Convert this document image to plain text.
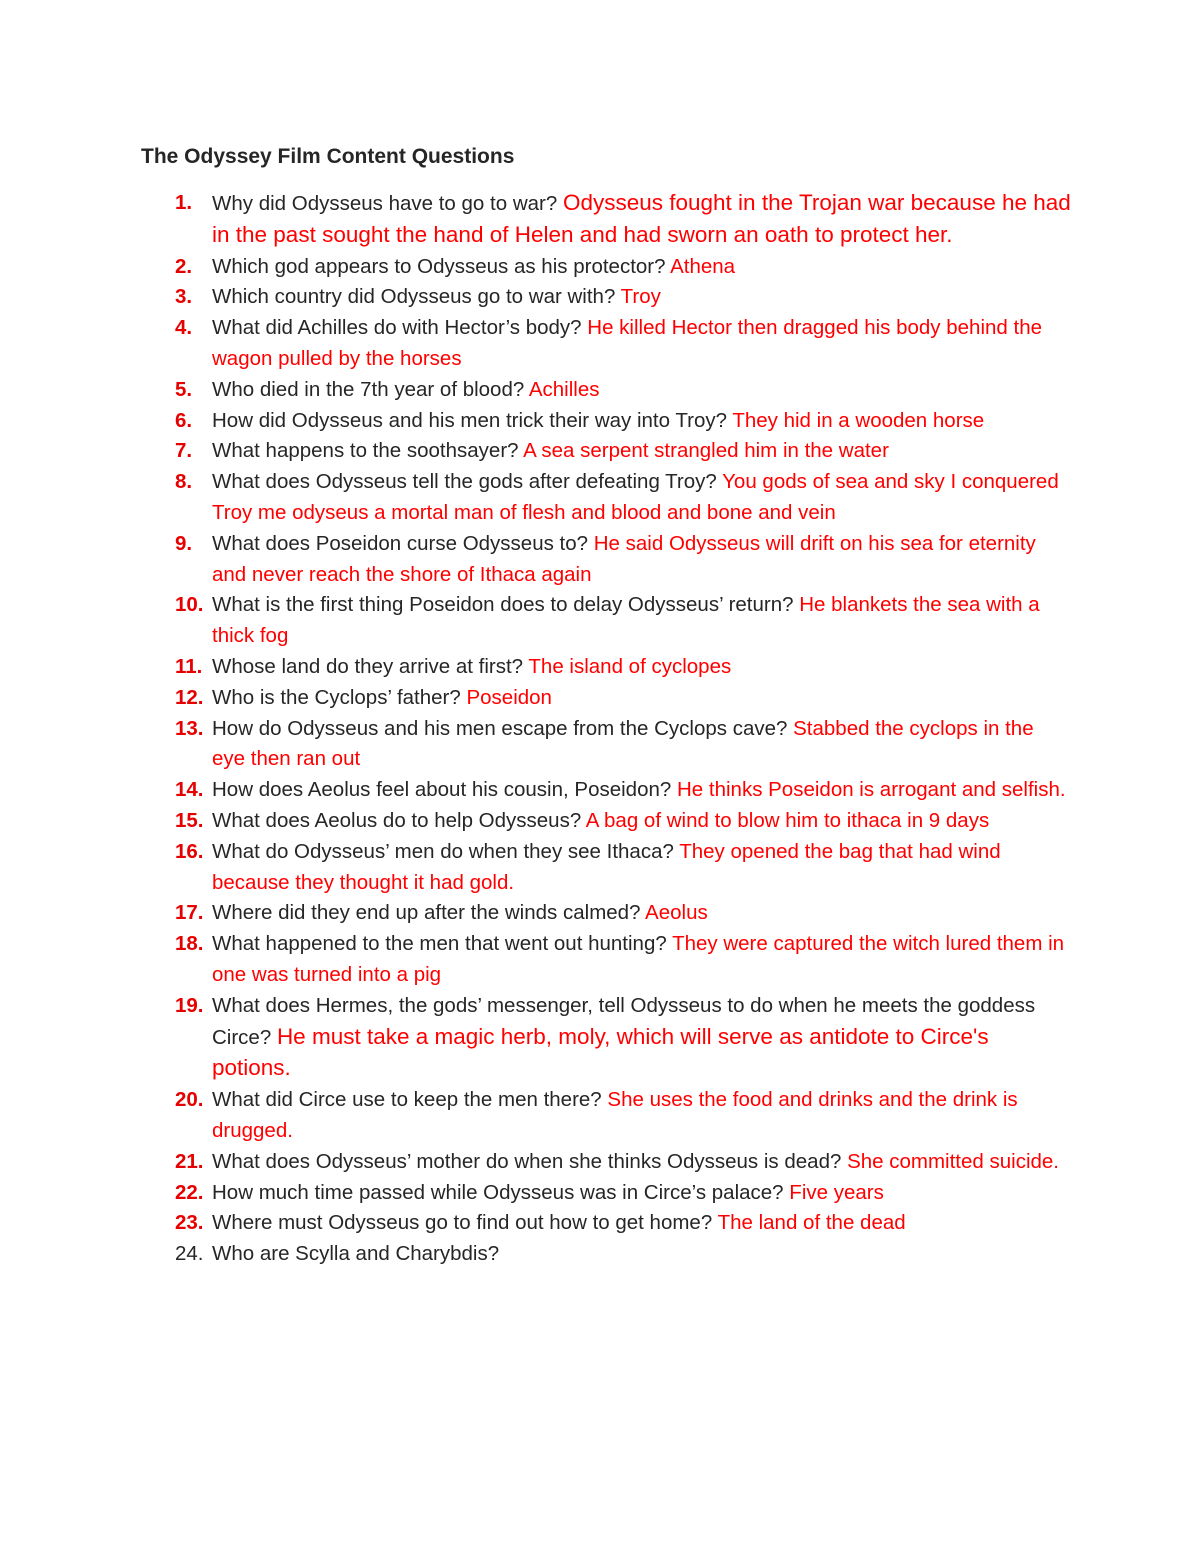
The Odyssey Film Content Questions
1. Why did Odysseus have to go to war? Odysseus fought in the Trojan war because he had in the past sought the hand of Helen and had sworn an oath to protect her.
2. Which god appears to Odysseus as his protector? Athena
3. Which country did Odysseus go to war with? Troy
4. What did Achilles do with Hector’s body? He killed Hector then dragged his body behind the wagon pulled by the horses
5. Who died in the 7th year of blood? Achilles
6. How did Odysseus and his men trick their way into Troy? They hid in a wooden horse
7. What happens to the soothsayer? A sea serpent strangled him in the water
8. What does Odysseus tell the gods after defeating Troy? You gods of sea and sky I conquered Troy me odyseus a mortal man of flesh and blood and bone and vein
9. What does Poseidon curse Odysseus to? He said Odysseus will drift on his sea for eternity and never reach the shore of Ithaca again
10. What is the first thing Poseidon does to delay Odysseus’ return? He blankets the sea with a thick fog
11. Whose land do they arrive at first? The island of cyclopes
12. Who is the Cyclops’ father? Poseidon
13. How do Odysseus and his men escape from the Cyclops cave? Stabbed the cyclops in the eye then ran out
14. How does Aeolus feel about his cousin, Poseidon? He thinks Poseidon is arrogant and selfish.
15. What does Aeolus do to help Odysseus? A bag of wind to blow him to ithaca in 9 days
16. What do Odysseus’ men do when they see Ithaca? They opened the bag that had wind because they thought it had gold.
17. Where did they end up after the winds calmed? Aeolus
18. What happened to the men that went out hunting? They were captured the witch lured them in one was turned into a pig
19. What does Hermes, the gods’ messenger, tell Odysseus to do when he meets the goddess Circe? He must take a magic herb, moly, which will serve as antidote to Circe's potions.
20. What did Circe use to keep the men there? She uses the food and drinks and the drink is drugged.
21. What does Odysseus’ mother do when she thinks Odysseus is dead? She committed suicide.
22. How much time passed while Odysseus was in Circe’s palace? Five years
23. Where must Odysseus go to find out how to get home? The land of the dead
24. Who are Scylla and Charybdis?
